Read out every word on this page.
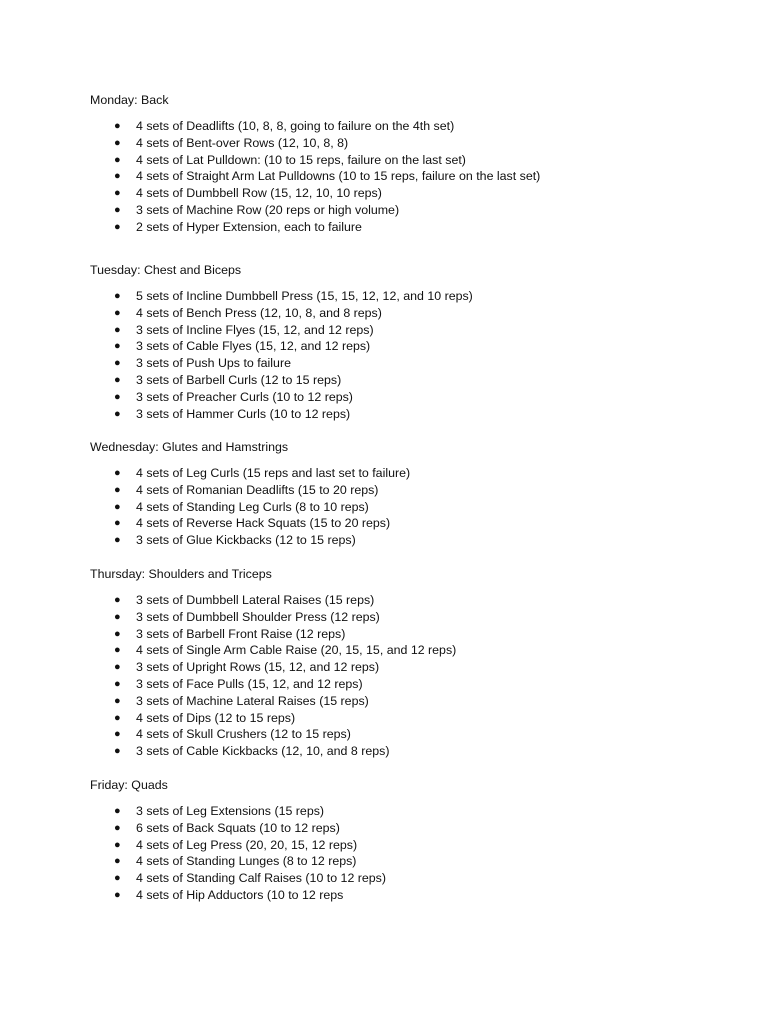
Monday: Back
● 4 sets of Deadlifts (10, 8, 8, going to failure on the 4th set)
● 4 sets of Bent-over Rows (12, 10, 8, 8)
● 4 sets of Lat Pulldown: (10 to 15 reps, failure on the last set)
● 4 sets of Straight Arm Lat Pulldowns (10 to 15 reps, failure on the last set)
● 4 sets of Dumbbell Row (15, 12, 10, 10 reps)
● 3 sets of Machine Row (20 reps or high volume)
● 2 sets of Hyper Extension, each to failure
Tuesday: Chest and Biceps
● 5 sets of Incline Dumbbell Press (15, 15, 12, 12, and 10 reps)
● 4 sets of Bench Press (12, 10, 8, and 8 reps)
● 3 sets of Incline Flyes (15, 12, and 12 reps)
● 3 sets of Cable Flyes (15, 12, and 12 reps)
● 3 sets of Push Ups to failure
● 3 sets of Barbell Curls (12 to 15 reps)
● 3 sets of Preacher Curls (10 to 12 reps)
● 3 sets of Hammer Curls (10 to 12 reps)
Wednesday: Glutes and Hamstrings
● 4 sets of Leg Curls (15 reps and last set to failure)
● 4 sets of Romanian Deadlifts (15 to 20 reps)
● 4 sets of Standing Leg Curls (8 to 10 reps)
● 4 sets of Reverse Hack Squats (15 to 20 reps)
● 3 sets of Glue Kickbacks (12 to 15 reps)
Thursday: Shoulders and Triceps
● 3 sets of Dumbbell Lateral Raises (15 reps)
● 3 sets of Dumbbell Shoulder Press (12 reps)
● 3 sets of Barbell Front Raise (12 reps)
● 4 sets of Single Arm Cable Raise (20, 15, 15, and 12 reps)
● 3 sets of Upright Rows (15, 12, and 12 reps)
● 3 sets of Face Pulls (15, 12, and 12 reps)
● 3 sets of Machine Lateral Raises (15 reps)
● 4 sets of Dips (12 to 15 reps)
● 4 sets of Skull Crushers (12 to 15 reps)
● 3 sets of Cable Kickbacks (12, 10, and 8 reps)
Friday: Quads
● 3 sets of Leg Extensions (15 reps)
● 6 sets of Back Squats (10 to 12 reps)
● 4 sets of Leg Press (20, 20, 15, 12 reps)
● 4 sets of Standing Lunges (8 to 12 reps)
● 4 sets of Standing Calf Raises (10 to 12 reps)
● 4 sets of Hip Adductors (10 to 12 reps
